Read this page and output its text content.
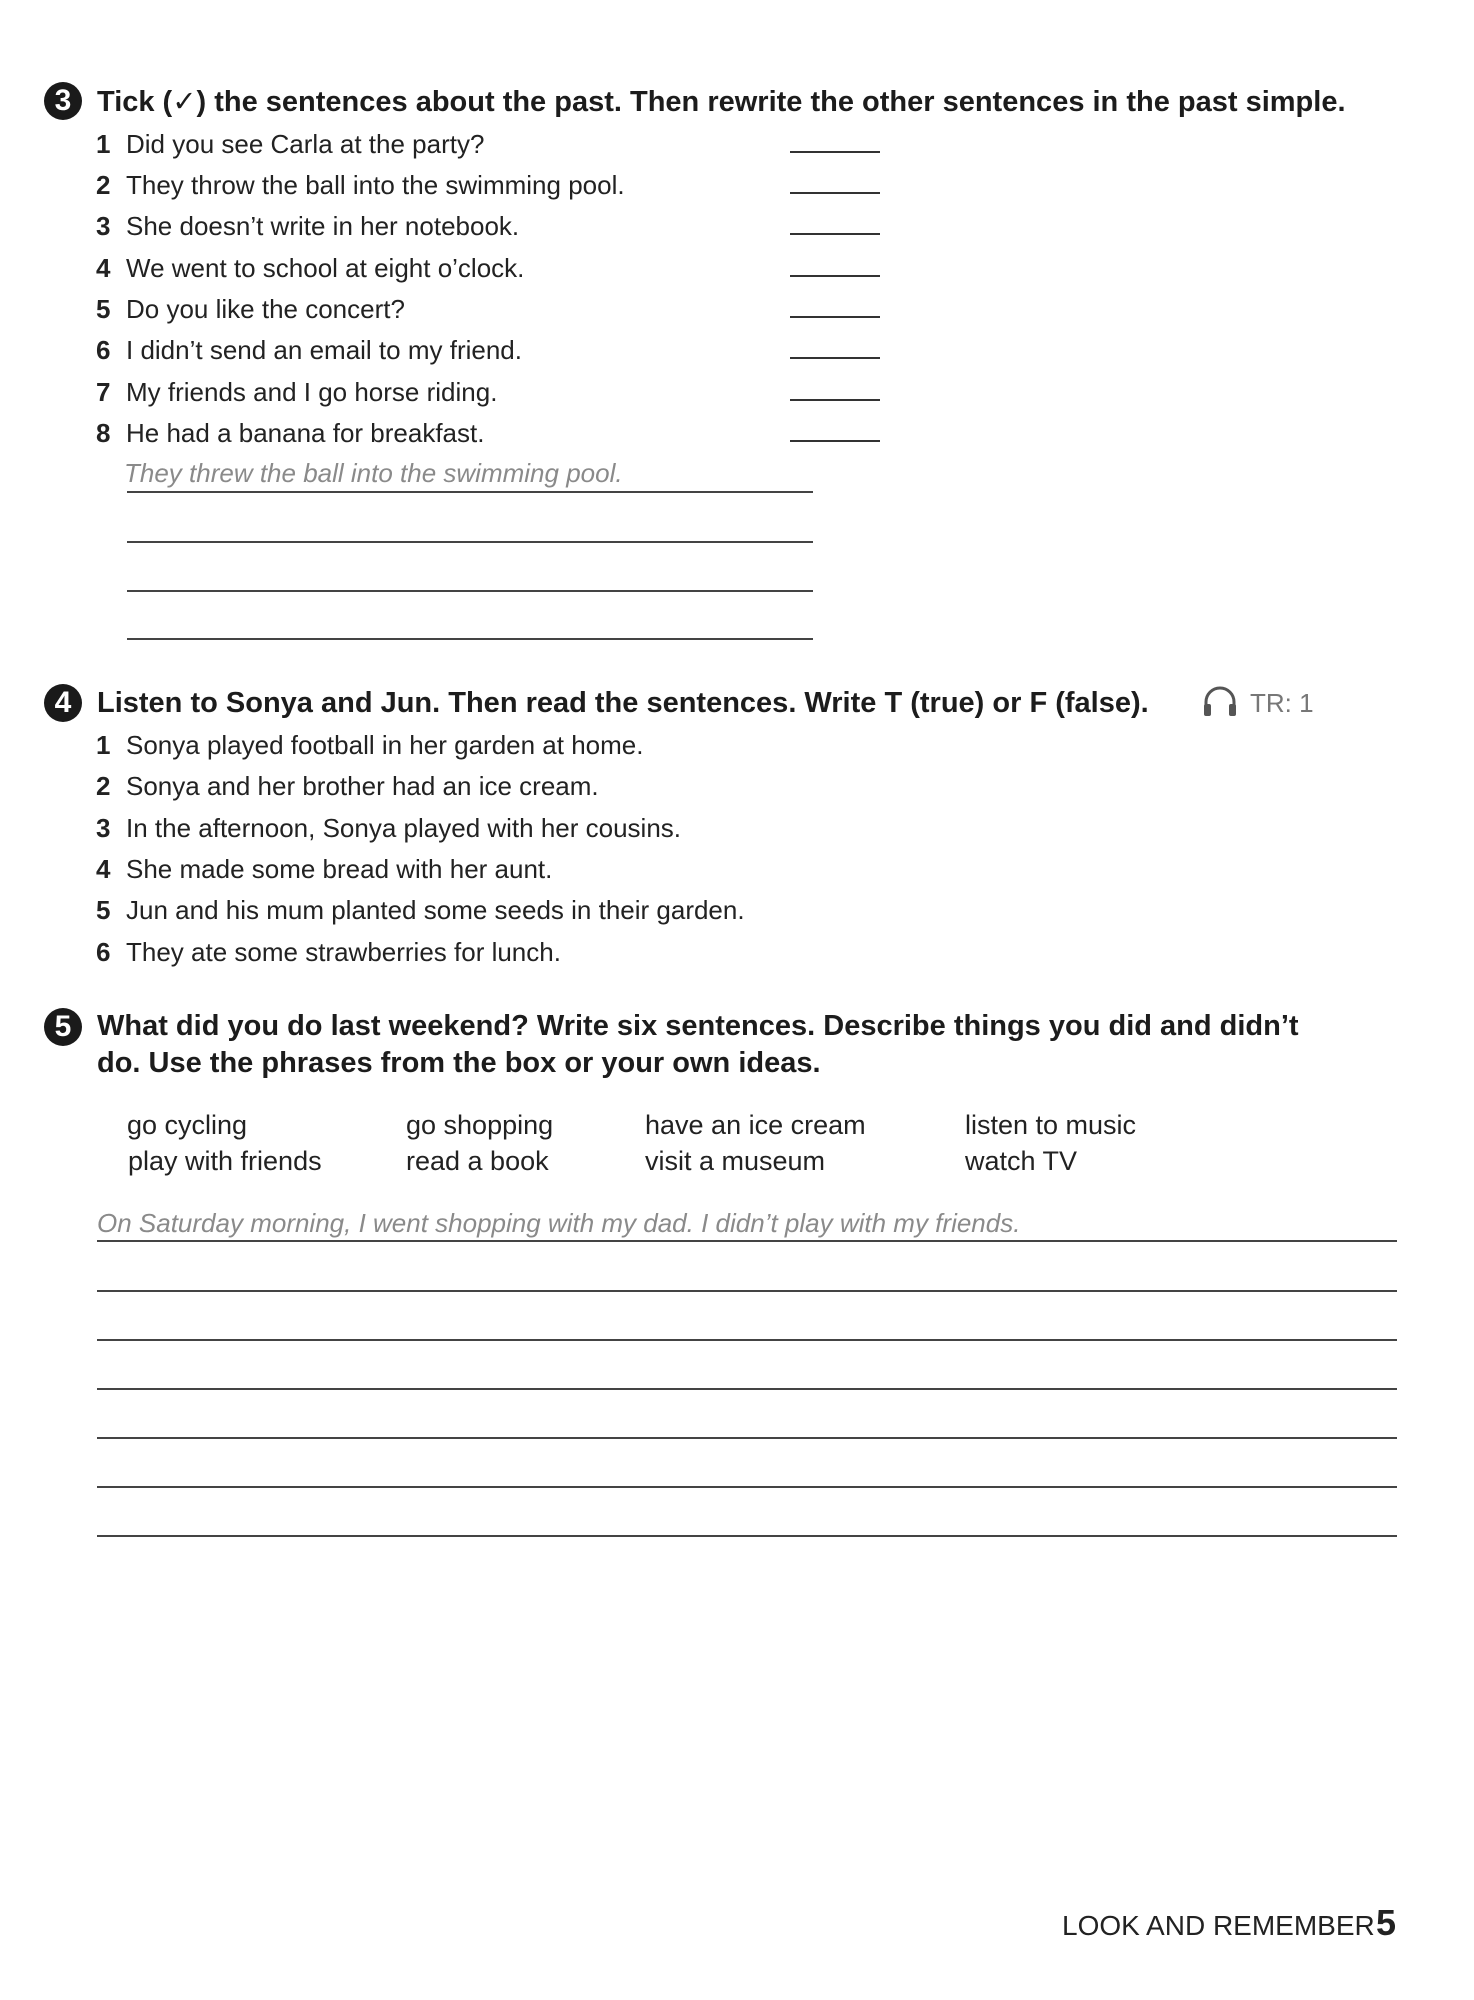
3 Tick (✓) the sentences about the past. Then rewrite the other sentences in the past simple.
1 Did you see Carla at the party?
2 They throw the ball into the swimming pool.
3 She doesn’t write in her notebook.
4 We went to school at eight o’clock.
5 Do you like the concert?
6 I didn’t send an email to my friend.
7 My friends and I go horse riding.
8 He had a banana for breakfast.
They threw the ball into the swimming pool.
4 Listen to Sonya and Jun. Then read the sentences. Write T (true) or F (false).	TR: 1
1 Sonya played football in her garden at home.
2 Sonya and her brother had an ice cream.
3 In the afternoon, Sonya played with her cousins.
4 She made some bread with her aunt.
5 Jun and his mum planted some seeds in their garden.
6 They ate some strawberries for lunch.
5 What did you do last weekend? Write six sentences. Describe things you did and didn’t
do. Use the phrases from the box or your own ideas.
go cycling	go shopping	have an ice cream	listen to music
play with friends	read a book	visit a museum	watch TV
On Saturday morning, I went shopping with my dad. I didn’t play with my friends.
LOOK AND REMEMBER 5
